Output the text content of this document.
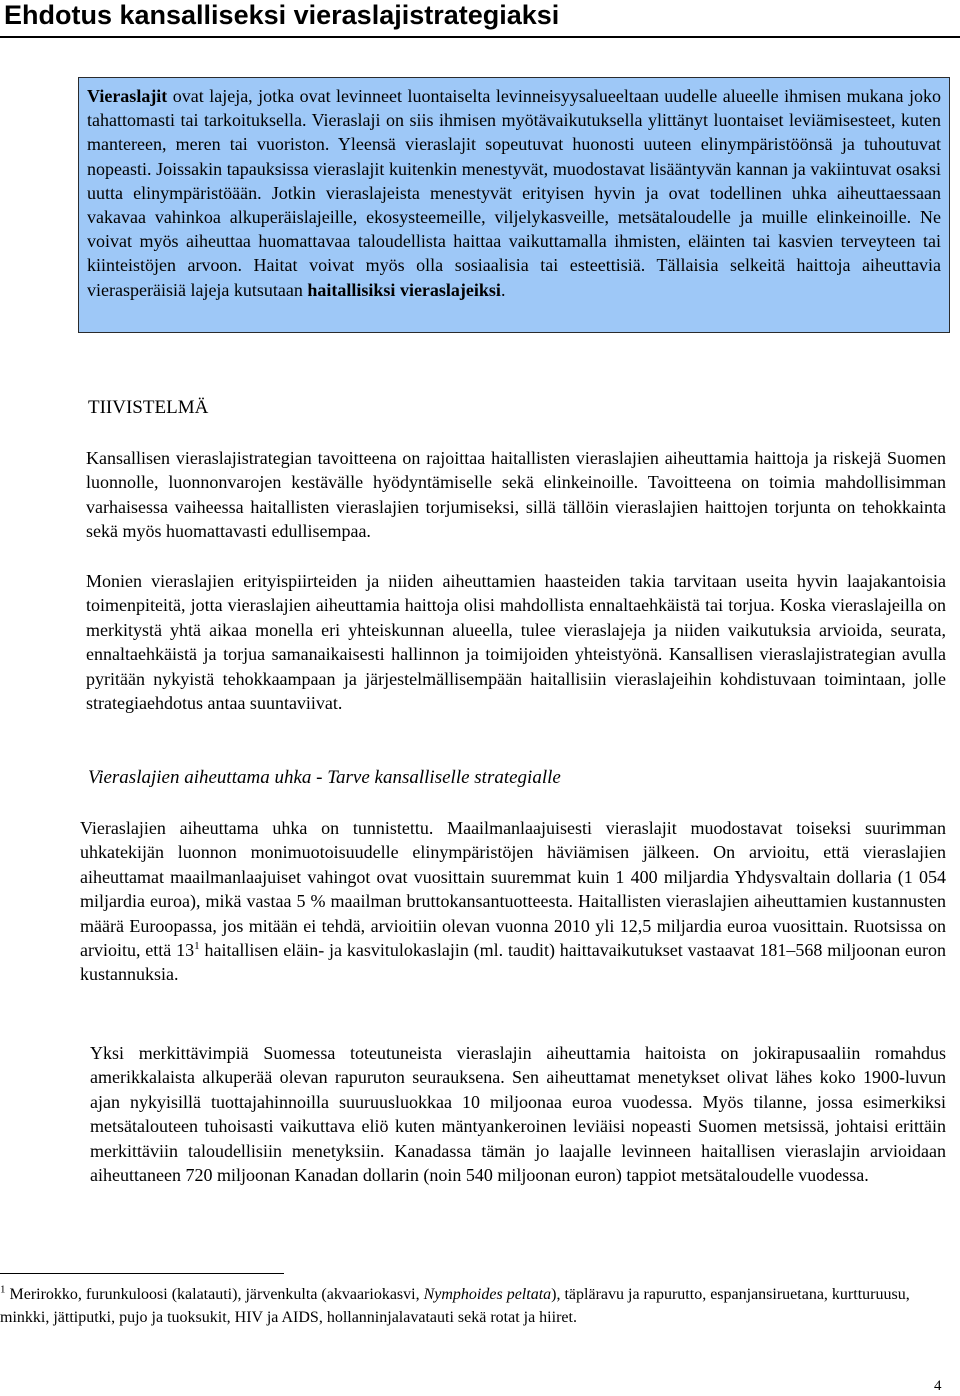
Ehdotus kansalliseksi vieraslajistrategiaksi

Vieraslajit ovat lajeja, jotka ovat levinneet luontaiselta levinneisyysalueeltaan uudelle alueelle ihmisen mukana joko tahattomasti tai tarkoituksella. Vieraslaji on siis ihmisen myötävaikutuksella ylittänyt luontaiset leviämisesteet, kuten mantereen, meren tai vuoriston. Yleensä vieraslajit sopeutuvat huonosti uuteen elinympäristöönsä ja tuhoutuvat nopeasti. Joissakin tapauksissa vieraslajit kuitenkin menestyvät, muodostavat lisääntyvän kannan ja vakiintuvat osaksi uutta elinympäristöään. Jotkin vieraslajeista menestyvät erityisen hyvin ja ovat todellinen uhka aiheuttaessaan vakavaa vahinkoa alkuperäislajeille, ekosysteemeille, viljelykasveille, metsätaloudelle ja muille elinkeinoille. Ne voivat myös aiheuttaa huomattavaa taloudellista haittaa vaikuttamalla ihmisten, eläinten tai kasvien terveyteen tai kiinteistöjen arvoon. Haitat voivat myös olla sosiaalisia tai esteettisiä. Tällaisia selkeitä haittoja aiheuttavia vierasperäisiä lajeja kutsutaan haitallisiksi vieraslajeiksi.

TIIVISTELMÄ

Kansallisen vieraslajistrategian tavoitteena on rajoittaa haitallisten vieraslajien aiheuttamia haittoja ja riskejä Suomen luonnolle, luonnonvarojen kestävälle hyödyntämiselle sekä elinkeinoille. Tavoitteena on toimia mahdollisimman varhaisessa vaiheessa haitallisten vieraslajien torjumiseksi, sillä tällöin vieraslajien haittojen torjunta on tehokkainta sekä myös huomattavasti edullisempaa.

Monien vieraslajien erityispiirteiden ja niiden aiheuttamien haasteiden takia tarvitaan useita hyvin laajakantoisia toimenpiteitä, jotta vieraslajien aiheuttamia haittoja olisi mahdollista ennaltaehkäistä tai torjua. Koska vieraslajeilla on merkitystä yhtä aikaa monella eri yhteiskunnan alueella, tulee vieraslajeja ja niiden vaikutuksia arvioida, seurata, ennaltaehkäistä ja torjua samanaikaisesti hallinnon ja toimijoiden yhteistyönä. Kansallisen vieraslajistrategian avulla pyritään nykyistä tehokkaampaan ja järjestelmällisempään haitallisiin vieraslajeihin kohdistuvaan toimintaan, jolle strategiaehdotus antaa suuntaviivat.

Vieraslajien aiheuttama uhka - Tarve kansalliselle strategialle

Vieraslajien aiheuttama uhka on tunnistettu. Maailmanlaajuisesti vieraslajit muodostavat toiseksi suurimman uhkatekijän luonnon monimuotoisuudelle elinympäristöjen häviämisen jälkeen. On arvioitu, että vieraslajien aiheuttamat maailmanlaajuiset vahingot ovat vuosittain suuremmat kuin 1 400 miljardia Yhdysvaltain dollaria (1 054 miljardia euroa), mikä vastaa 5 % maailman bruttokansantuotteesta. Haitallisten vieraslajien aiheuttamien kustannusten määrä Euroopassa, jos mitään ei tehdä, arvioitiin olevan vuonna 2010 yli 12,5 miljardia euroa vuosittain. Ruotsissa on arvioitu, että $13^1$ haitallisen eläin- ja kasvitulokaslajin (ml. taudit) haittavaikutukset vastaavat 181–568 miljoonan euron kustannuksia.

Yksi merkittävimpiä Suomessa toteutuneista vieraslajin aiheuttamia haitoista on jokirapusaaliin romahdus amerikkalaista alkuperää olevan rapuruton seurauksena. Sen aiheuttamat menetykset olivat lähes koko 1900-luvun ajan nykyisillä tuottajahinnoilla suuruusluokkaa 10 miljoonaa euroa vuodessa. Myös tilanne, jossa esimerkiksi metsätalouteen tuhoisasti vaikuttava eliö kuten mäntyankeroinen leviäisi nopeasti Suomen metsissä, johtaisi erittäin merkittäviin taloudellisiin menetyksiin. Kanadassa tämän jo laajalle levinneen haitallisen vieraslajin arvioidaan aiheuttaneen 720 miljoonan Kanadan dollarin (noin 540 miljoonan euron) tappiot metsätaloudelle vuodessa.

$^1$ Merirokko, furunkuloosi (kalatauti), järvenkulta (akvaariokasvi, Nymphoides peltata), täpläravu ja rapurutto, espanjansiruetana, kurtturuusu, minkki, jättiputki, pujo ja tuoksukit, HIV ja AIDS, hollanninjalavatauti sekä rotat ja hiiret.

4
